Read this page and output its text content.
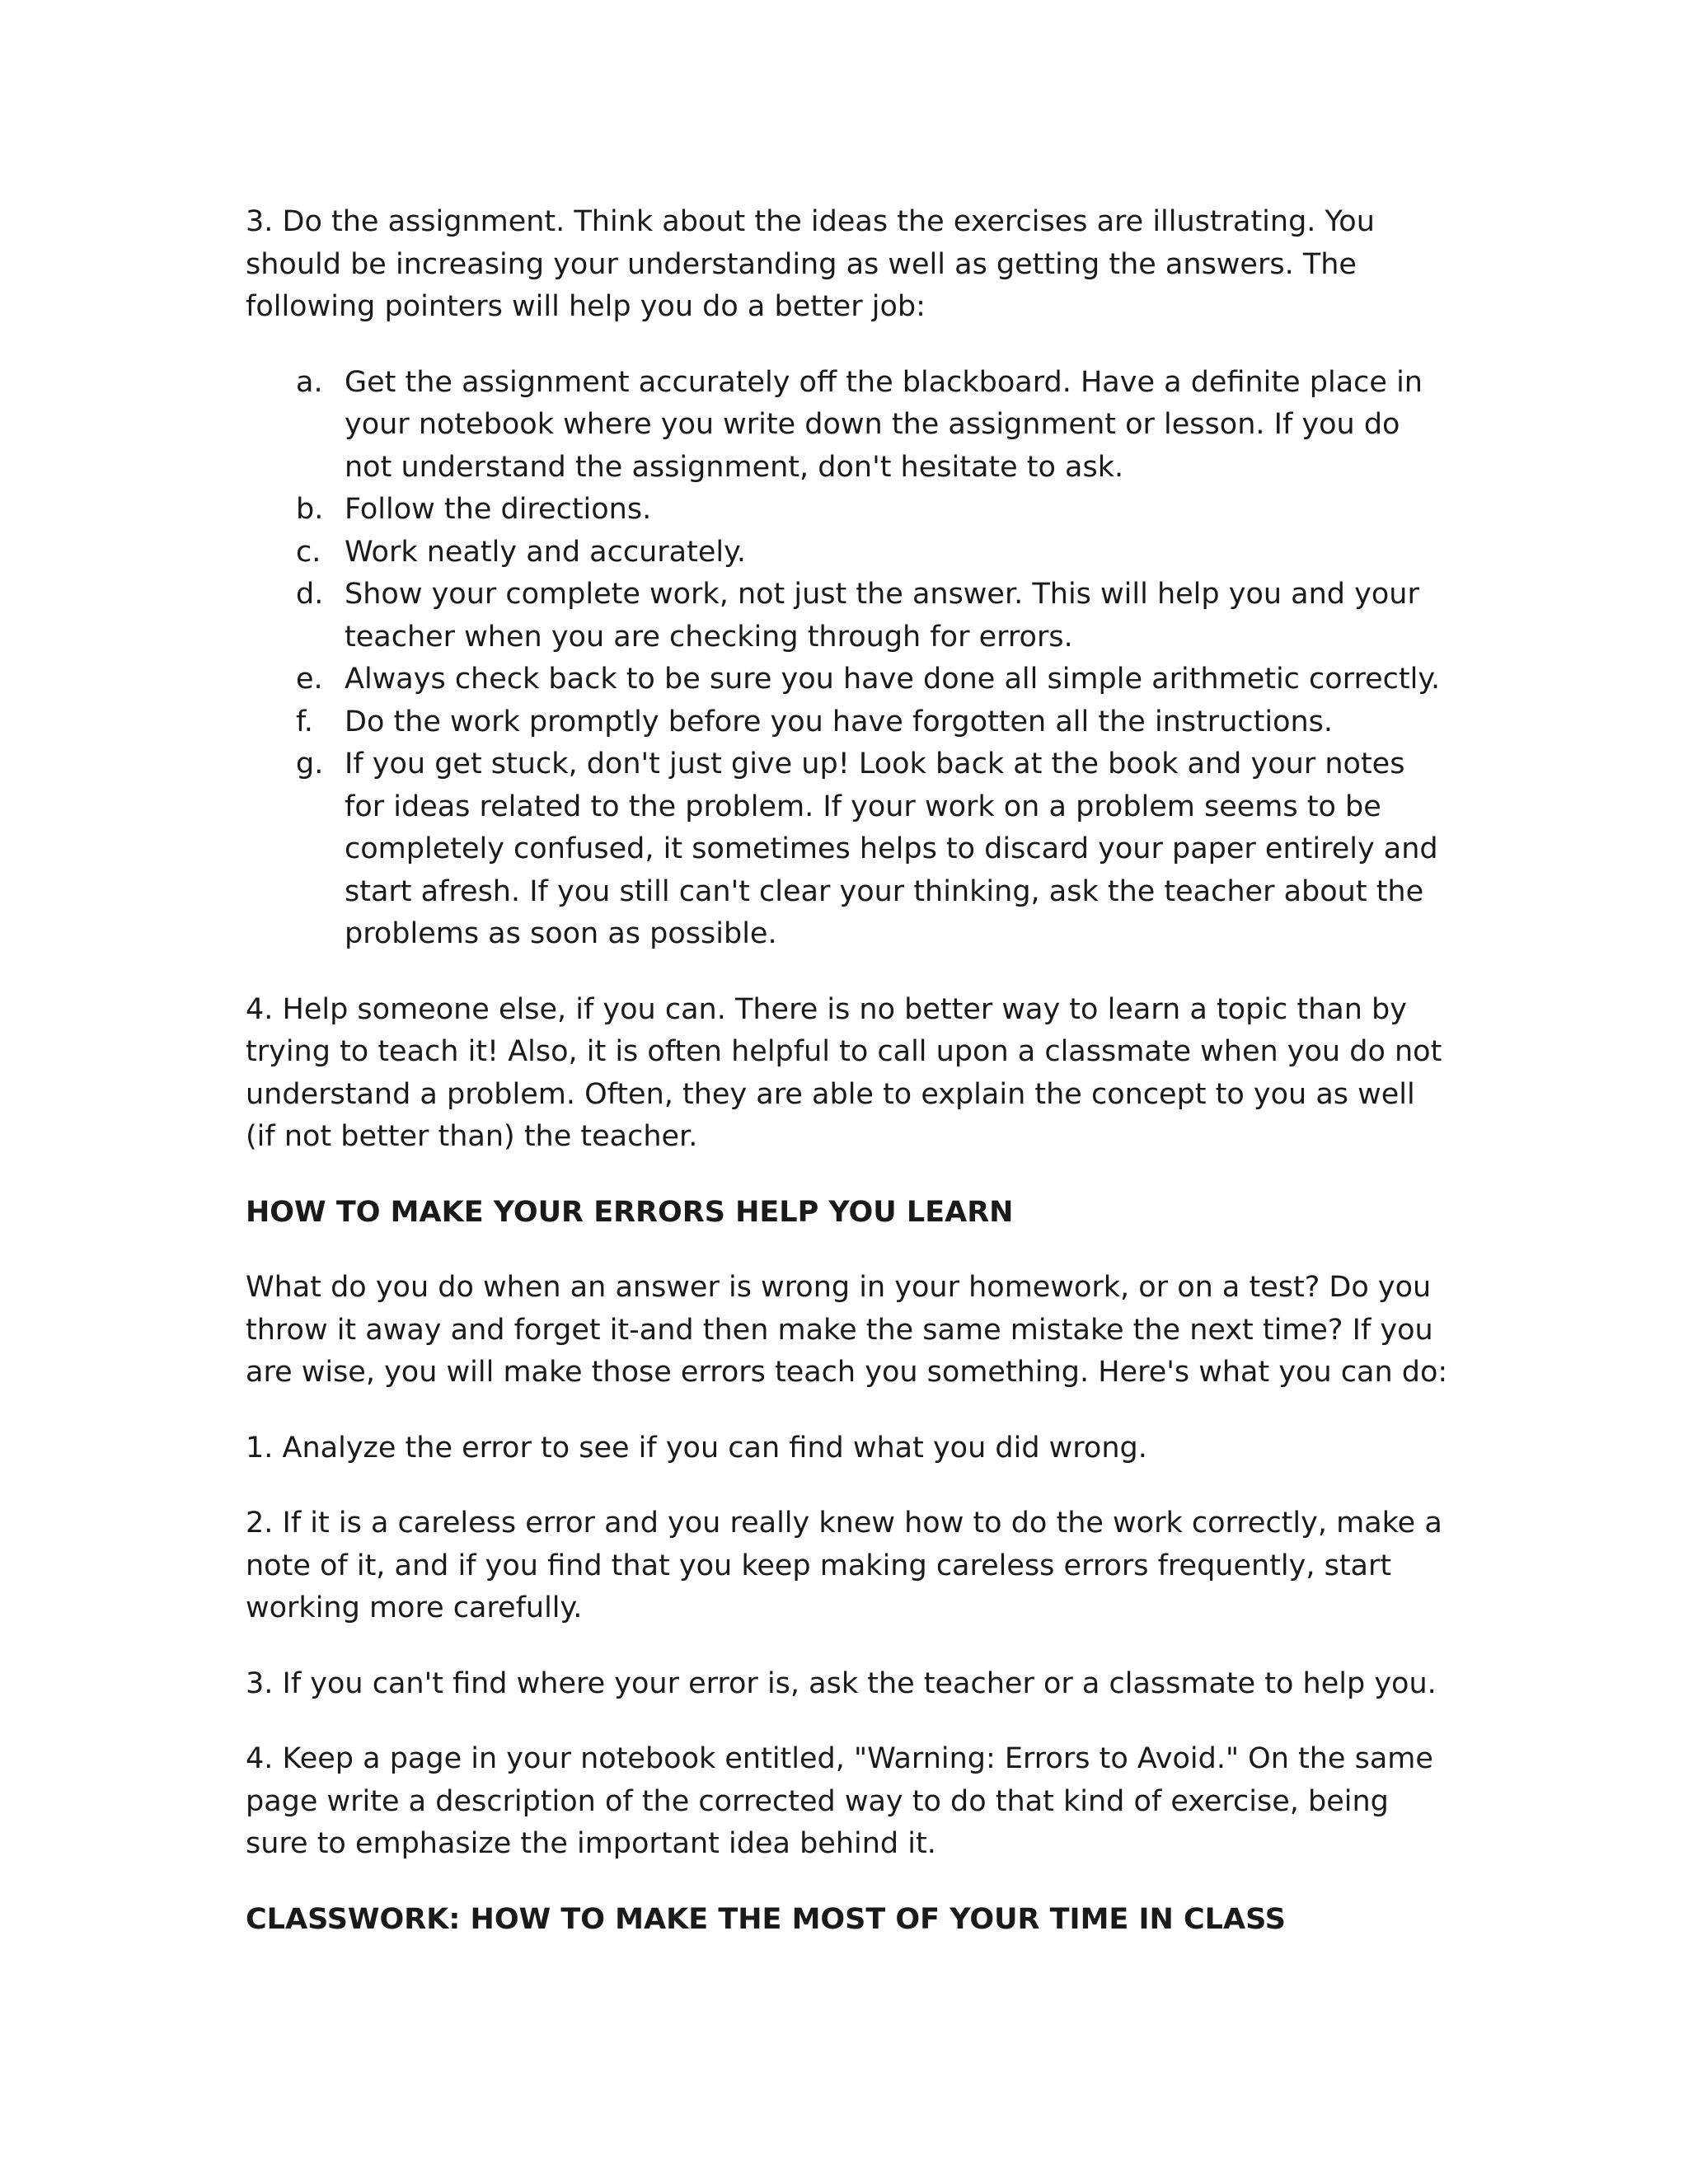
3. Do the assignment. Think about the ideas the exercises are illustrating. You should be increasing your understanding as well as getting the answers. The following pointers will help you do a better job:

a. Get the assignment accurately off the blackboard. Have a definite place in your notebook where you write down the assignment or lesson. If you do not understand the assignment, don't hesitate to ask.
b. Follow the directions.
c. Work neatly and accurately.
d. Show your complete work, not just the answer. This will help you and your teacher when you are checking through for errors.
e. Always check back to be sure you have done all simple arithmetic correctly.
f. Do the work promptly before you have forgotten all the instructions.
g. If you get stuck, don't just give up! Look back at the book and your notes for ideas related to the problem. If your work on a problem seems to be completely confused, it sometimes helps to discard your paper entirely and start afresh. If you still can't clear your thinking, ask the teacher about the problems as soon as possible.

4. Help someone else, if you can. There is no better way to learn a topic than by trying to teach it! Also, it is often helpful to call upon a classmate when you do not understand a problem. Often, they are able to explain the concept to you as well (if not better than) the teacher.

HOW TO MAKE YOUR ERRORS HELP YOU LEARN

What do you do when an answer is wrong in your homework, or on a test? Do you throw it away and forget it-and then make the same mistake the next time? If you are wise, you will make those errors teach you something. Here's what you can do:

1. Analyze the error to see if you can find what you did wrong.

2. If it is a careless error and you really knew how to do the work correctly, make a note of it, and if you find that you keep making careless errors frequently, start working more carefully.

3. If you can't find where your error is, ask the teacher or a classmate to help you.

4. Keep a page in your notebook entitled, "Warning: Errors to Avoid." On the same page write a description of the corrected way to do that kind of exercise, being sure to emphasize the important idea behind it.

CLASSWORK: HOW TO MAKE THE MOST OF YOUR TIME IN CLASS
